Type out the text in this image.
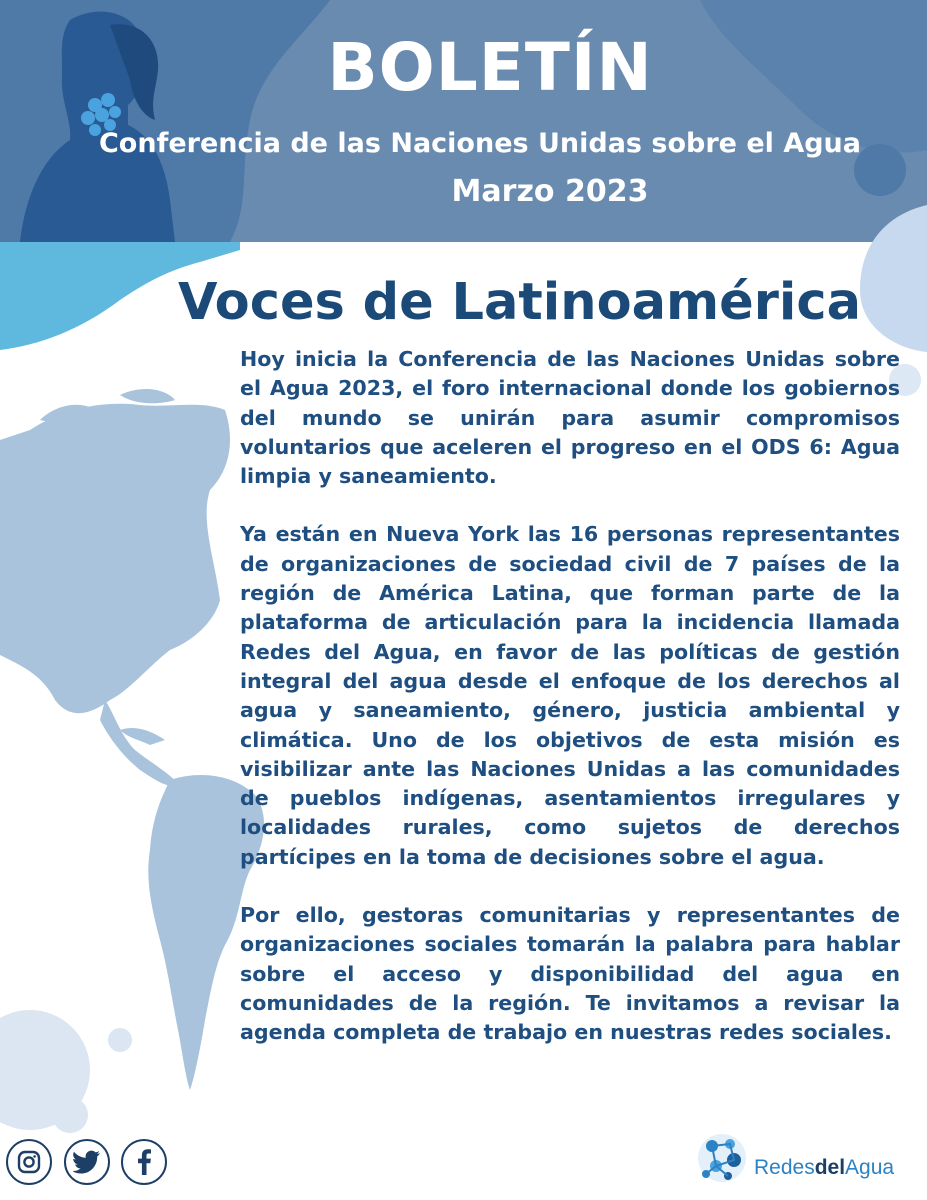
BOLETÍN
Conferencia de las Naciones Unidas sobre el Agua
Marzo 2023
Voces de Latinoamérica

Hoy inicia la Conferencia de las Naciones Unidas sobre el Agua 2023, el foro internacional donde los gobiernos del mundo se unirán para asumir compromisos voluntarios que aceleren el progreso en el ODS 6: Agua limpia y saneamiento.

Ya están en Nueva York las 16 personas representantes de organizaciones de sociedad civil de 7 países de la región de América Latina, que forman parte de la plataforma de articulación para la incidencia llamada Redes del Agua, en favor de las políticas de gestión integral del agua desde el enfoque de los derechos al agua y saneamiento, género, justicia ambiental y climática. Uno de los objetivos de esta misión es visibilizar ante las Naciones Unidas a las comunidades de pueblos indígenas, asentamientos irregulares y localidades rurales, como sujetos de derechos partícipes en la toma de decisiones sobre el agua.

Por ello, gestoras comunitarias y representantes de organizaciones sociales tomarán la palabra para hablar sobre el acceso y disponibilidad del agua en comunidades de la región. Te invitamos a revisar la agenda completa de trabajo en nuestras redes sociales.

RedesdelAgua
